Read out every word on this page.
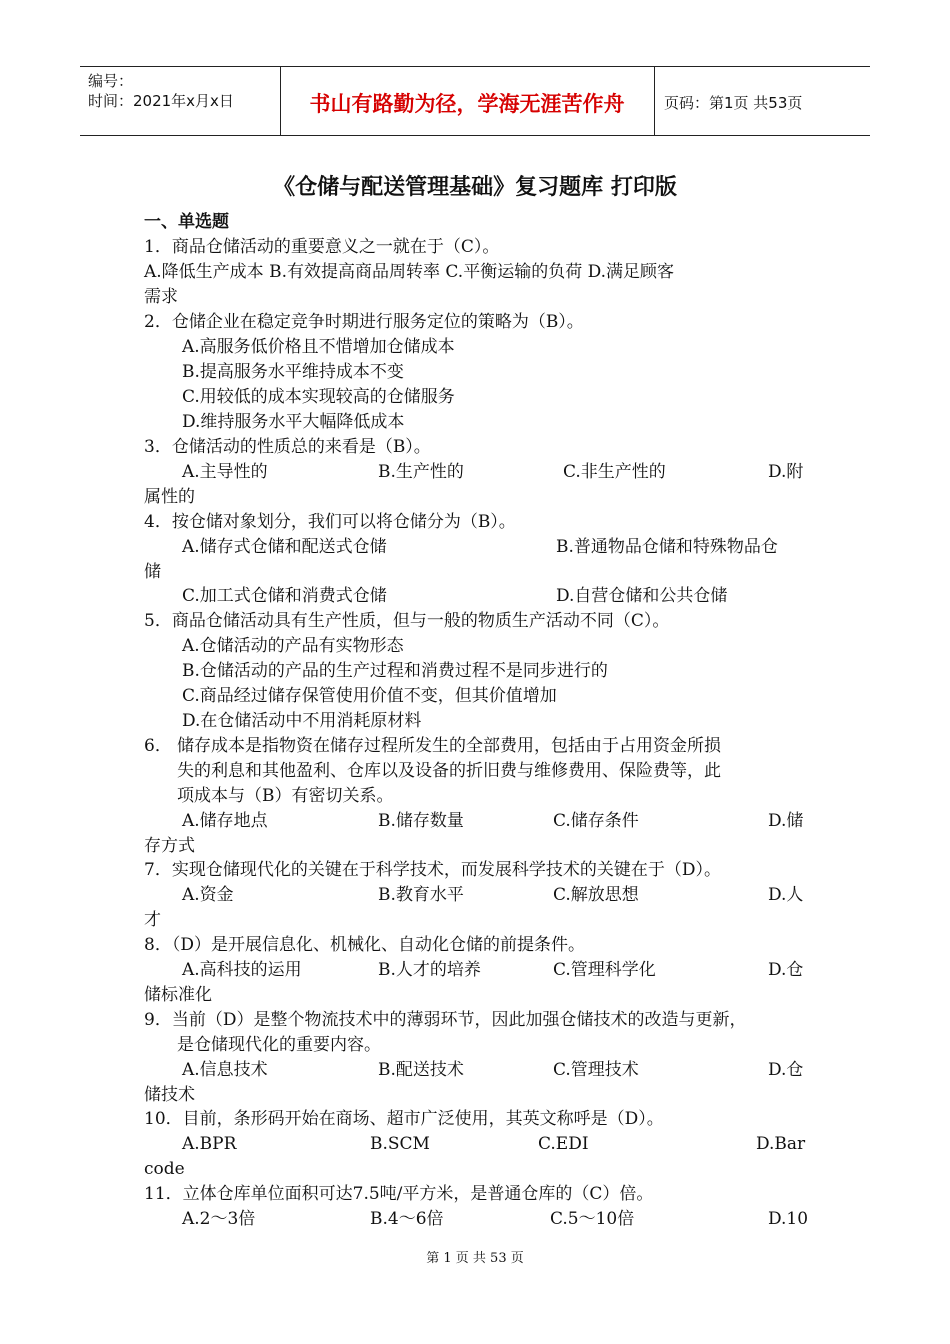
编号：
时间：2021年x月x日	书山有路勤为径，学海无涯苦作舟	页码：第1页 共53页
《仓储与配送管理基础》复习题库 打印版
一、单选题
1．商品仓储活动的重要意义之一就在于（C）。
A.降低生产成本 B.有效提高商品周转率 C.平衡运输的负荷 D.满足顾客
需求
2．仓储企业在稳定竞争时期进行服务定位的策略为（B）。
A.高服务低价格且不惜增加仓储成本
B.提高服务水平维持成本不变
C.用较低的成本实现较高的仓储服务
D.维持服务水平大幅降低成本
3．仓储活动的性质总的来看是（B）。
A.主导性的	B.生产性的	C.非生产性的	D.附
属性的
4．按仓储对象划分，我们可以将仓储分为（B）。
A.储存式仓储和配送式仓储	B.普通物品仓储和特殊物品仓
储
C.加工式仓储和消费式仓储	D.自营仓储和公共仓储
5．商品仓储活动具有生产性质，但与一般的物质生产活动不同（C）。
A.仓储活动的产品有实物形态
B.仓储活动的产品的生产过程和消费过程不是同步进行的
C.商品经过储存保管使用价值不变，但其价值增加
D.在仓储活动中不用消耗原材料
6． 储存成本是指物资在储存过程所发生的全部费用，包括由于占用资金所损
失的利息和其他盈利、仓库以及设备的折旧费与维修费用、保险费等，此
项成本与（B）有密切关系。
A.储存地点	B.储存数量	C.储存条件	D.储
存方式
7．实现仓储现代化的关键在于科学技术，而发展科学技术的关键在于（D）。
A.资金	B.教育水平	C.解放思想	D.人
才
8．（D）是开展信息化、机械化、自动化仓储的前提条件。
A.高科技的运用	B.人才的培养	C.管理科学化	D.仓
储标准化
9．当前（D）是整个物流技术中的薄弱环节，因此加强仓储技术的改造与更新，
是仓储现代化的重要内容。
A.信息技术	B.配送技术	C.管理技术	D.仓
储技术
10．目前，条形码开始在商场、超市广泛使用，其英文称呼是（D）。
A.BPR	B.SCM	C.EDI	D.Bar
code
11．立体仓库单位面积可达7.5吨/平方米，是普通仓库的（C）倍。
A.2～3倍	B.4～6倍	C.5～10倍	D.10
第 1 页 共 53 页
